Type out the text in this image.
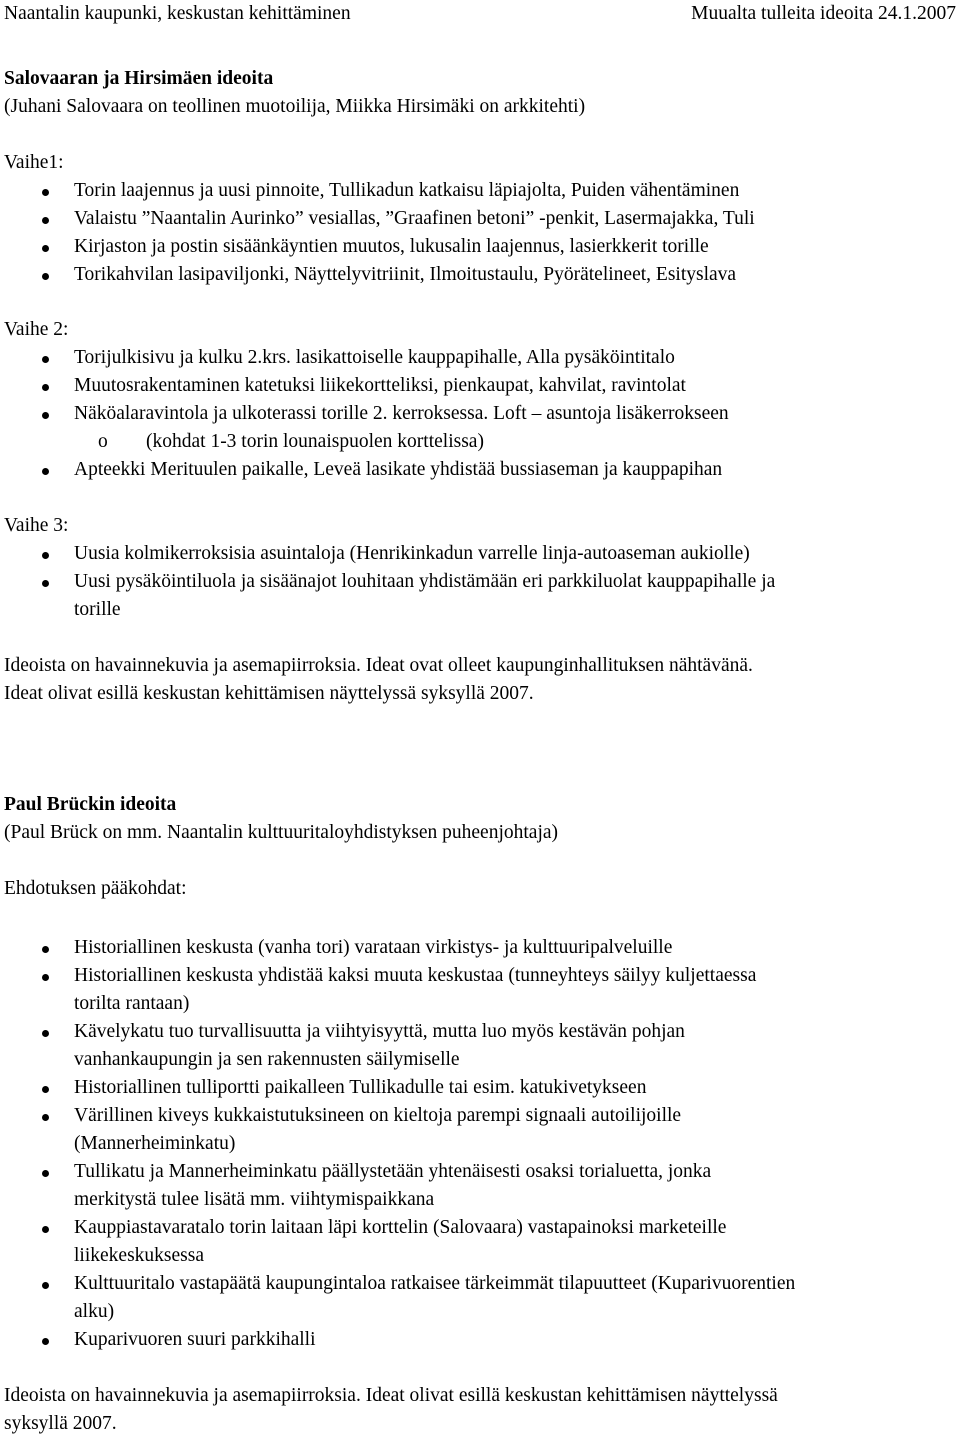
Naantalin kaupunki, keskustan kehittäminen	Muualta tulleita ideoita 24.1.2007
Salovaaran ja Hirsimäen ideoita
(Juhani Salovaara on teollinen muotoilija, Miikka Hirsimäki on arkkitehti)
Vaihe1:
Torin laajennus ja uusi pinnoite, Tullikadun katkaisu läpiajolta, Puiden vähentäminen
Valaistu ”Naantalin Aurinko” vesiallas, ”Graafinen betoni” -penkit, Lasermajakka, Tuli
Kirjaston ja postin sisäänkäyntien muutos, lukusalin laajennus, lasierkkerit torille
Torikahvilan lasipaviljonki, Näyttelyvitriinit, Ilmoitustaulu, Pyörätelineet, Esityslava
Vaihe 2:
Torijulkisivu ja kulku 2.krs. lasikattoiselle kauppapihalle, Alla pysäköintitalo
Muutosrakentaminen katetuksi liikekortteliksi, pienkaupat, kahvilat, ravintolat
Näköalaravintola ja ulkoterassi torille 2. kerroksessa. Loft – asuntoja lisäkerrokseen
o (kohdat 1-3 torin lounaispuolen korttelissa)
Apteekki Merituulen paikalle, Leveä lasikate yhdistää bussiaseman ja kauppapihan
Vaihe 3:
Uusia kolmikerroksisia asuintaloja (Henrikinkadun varrelle linja-autoaseman aukiolle)
Uusi pysäköintiluola ja sisäänajot louhitaan yhdistämään eri parkkiluolat kauppapihalle ja
torille
Ideoista on havainnekuvia ja asemapiirroksia. Ideat ovat olleet kaupunginhallituksen nähtävänä.
Ideat olivat esillä keskustan kehittämisen näyttelyssä syksyllä 2007.
Paul Brückin ideoita
(Paul Brück on mm. Naantalin kulttuuritaloyhdistyksen puheenjohtaja)
Ehdotuksen pääkohdat:
Historiallinen keskusta (vanha tori) varataan virkistys- ja kulttuuripalveluille
Historiallinen keskusta yhdistää kaksi muuta keskustaa (tunneyhteys säilyy kuljettaessa
torilta rantaan)
Kävelykatu tuo turvallisuutta ja viihtyisyyttä, mutta luo myös kestävän pohjan
vanhankaupungin ja sen rakennusten säilymiselle
Historiallinen tulliportti paikalleen Tullikadulle tai esim. katukivetykseen
Värillinen kiveys kukkaistutuksineen on kieltoja parempi signaali autoilijoille
(Mannerheiminkatu)
Tullikatu ja Mannerheiminkatu päällystetään yhtenäisesti osaksi torialuetta, jonka
merkitystä tulee lisätä mm. viihtymispaikkana
Kauppiastavaratalo torin laitaan läpi korttelin (Salovaara) vastapainoksi marketeille
liikekeskuksessa
Kulttuuritalo vastapäätä kaupungintaloa ratkaisee tärkeimmät tilapuutteet (Kuparivuorentien
alku)
Kuparivuoren suuri parkkihalli
Ideoista on havainnekuvia ja asemapiirroksia. Ideat olivat esillä keskustan kehittämisen näyttelyssä
syksyllä 2007.
